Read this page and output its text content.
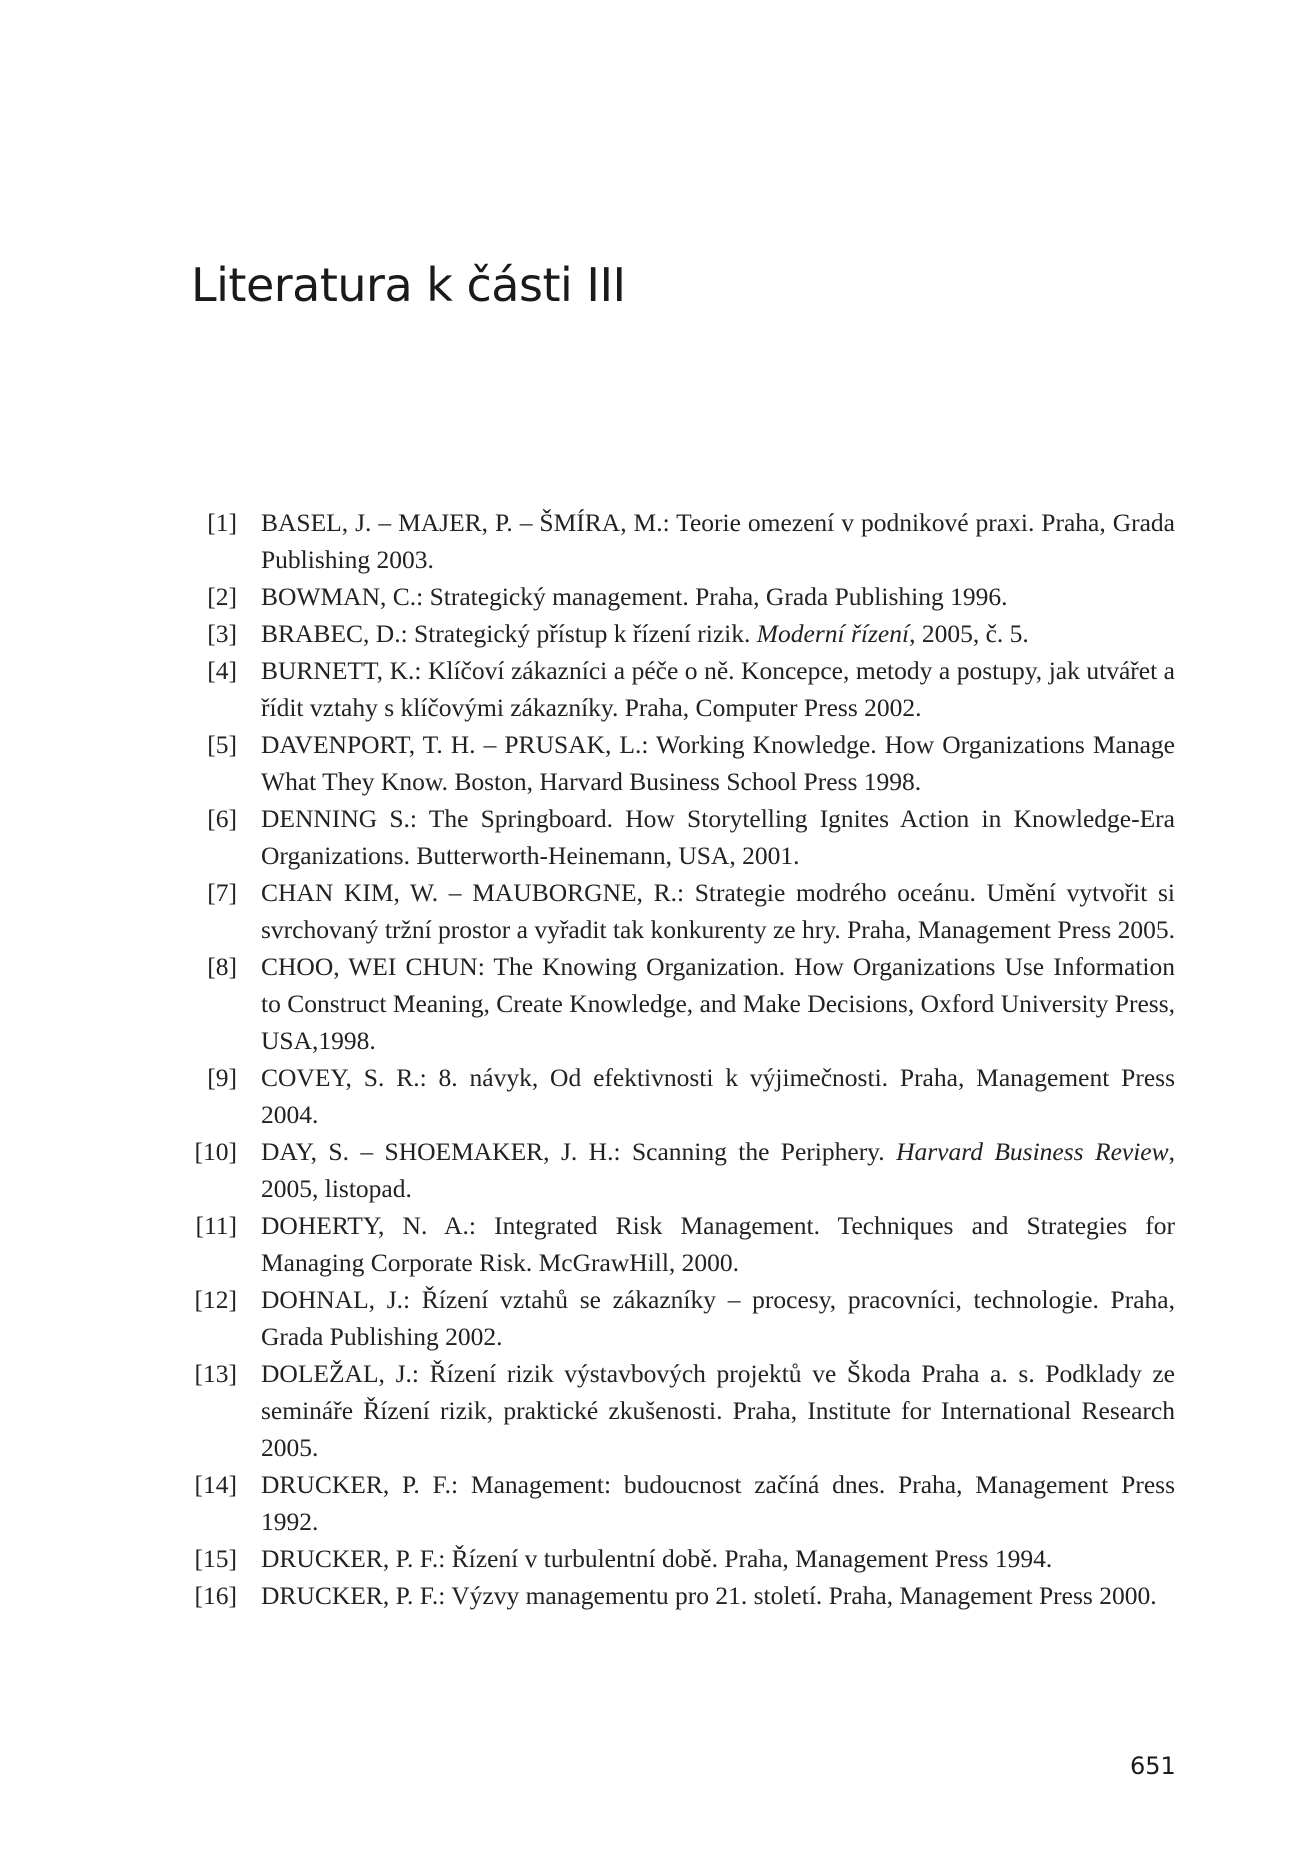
Literatura k části III
[1] BASEL, J. – MAJER, P. – ŠMÍRA, M.: Teorie omezení v podnikové praxi. Praha, Grada Publishing 2003.
[2] BOWMAN, C.: Strategický management. Praha, Grada Publishing 1996.
[3] BRABEC, D.: Strategický přístup k řízení rizik. Moderní řízení, 2005, č. 5.
[4] BURNETT, K.: Klíčoví zákazníci a péče o ně. Koncepce, metody a postupy, jak utvářet a řídit vztahy s klíčovými zákazníky. Praha, Computer Press 2002.
[5] DAVENPORT, T. H. – PRUSAK, L.: Working Knowledge. How Organizations Manage What They Know. Boston, Harvard Business School Press 1998.
[6] DENNING S.: The Springboard. How Storytelling Ignites Action in Knowledge-Era Organizations. Butterworth-Heinemann, USA, 2001.
[7] CHAN KIM, W. – MAUBORGNE, R.: Strategie modrého oceánu. Umění vytvořit si svrchovaný tržní prostor a vyřadit tak konkurenty ze hry. Praha, Management Press 2005.
[8] CHOO, WEI CHUN: The Knowing Organization. How Organizations Use Information to Construct Meaning, Create Knowledge, and Make Decisions, Oxford University Press, USA,1998.
[9] COVEY, S. R.: 8. návyk, Od efektivnosti k výjimečnosti. Praha, Management Press 2004.
[10] DAY, S. – SHOEMAKER, J. H.: Scanning the Periphery. Harvard Business Review, 2005, listopad.
[11] DOHERTY, N. A.: Integrated Risk Management. Techniques and Strategies for Managing Corporate Risk. McGrawHill, 2000.
[12] DOHNAL, J.: Řízení vztahů se zákazníky – procesy, pracovníci, technologie. Praha, Grada Publishing 2002.
[13] DOLEŽAL, J.: Řízení rizik výstavbových projektů ve Škoda Praha a. s. Podklady ze semináře Řízení rizik, praktické zkušenosti. Praha, Institute for International Research 2005.
[14] DRUCKER, P. F.: Management: budoucnost začíná dnes. Praha, Management Press 1992.
[15] DRUCKER, P. F.: Řízení v turbulentní době. Praha, Management Press 1994.
[16] DRUCKER, P. F.: Výzvy managementu pro 21. století. Praha, Management Press 2000.
651
